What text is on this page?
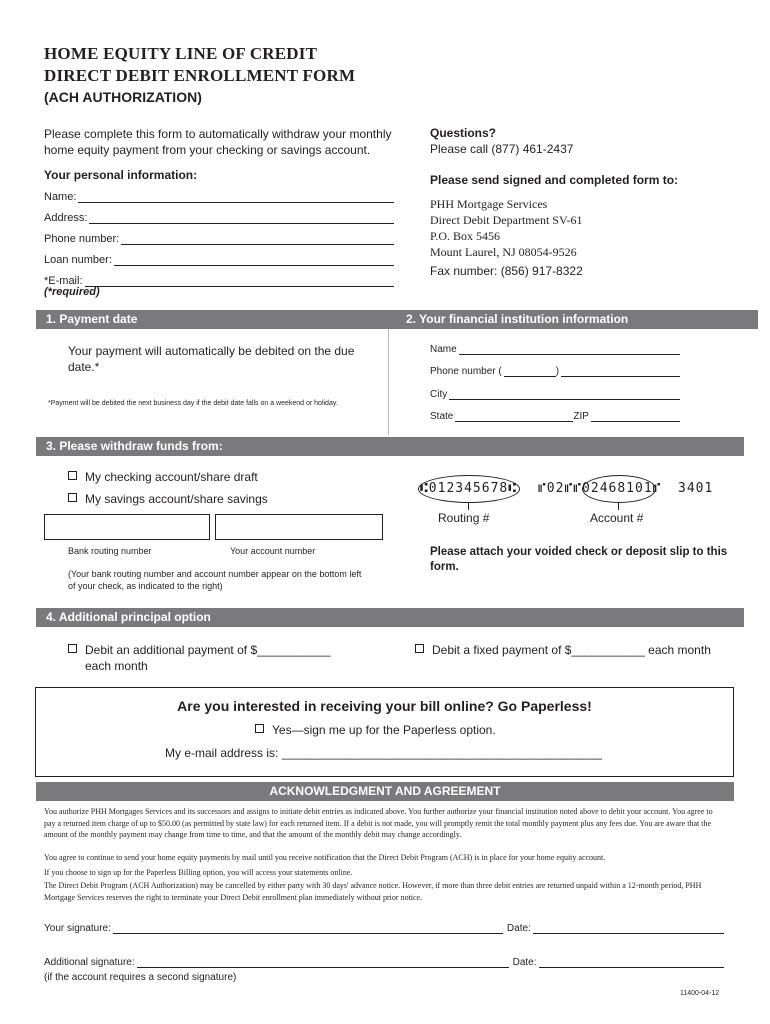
HOME EQUITY LINE OF CREDIT
DIRECT DEBIT ENROLLMENT FORM
(ACH AUTHORIZATION)
Please complete this form to automatically withdraw your monthly home equity payment from your checking or savings account.
Questions?
Please call (877) 461-2437
Please send signed and completed form to:
PHH Mortgage Services
Direct Debit Department SV-61
P.O. Box 5456
Mount Laurel, NJ 08054-9526
Fax number: (856) 917-8322
Your personal information:
Name:
Address:
Phone number:
Loan number:
*E-mail:
(*required)
1. Payment date	2. Your financial institution information
Your payment will automatically be debited on the due date.*
*Payment will be debited the next business day if the debit date falls on a weekend or holiday.
Name
Phone number (	)
City
State	ZIP
3. Please withdraw funds from:
My checking account/share draft
My savings account/share savings
Bank routing number	Your account number
(Your bank routing number and account number appear on the bottom left of your check, as indicated to the right)
⑆012345678⑆ ⑈02⑈⑈02468101⑈ 3401
Routing #	Account #
Please attach your voided check or deposit slip to this form.
4. Additional principal option
Debit an additional payment of $___________
each month
Debit a fixed payment of $___________ each month
Are you interested in receiving your bill online? Go Paperless!
Yes—sign me up for the Paperless option.
My e-mail address is: ________________________________________________
ACKNOWLEDGMENT AND AGREEMENT
You authorize PHH Mortgages Services and its successors and assigns to initiate debit entries as indicated above. You further authorize your financial institution noted above to debit your account. You agree to pay a returned item charge of up to $50.00 (as permitted by state law) for each returned item. If a debit is not made, you will promptly remit the total monthly payment plus any fees due. You are aware that the amount of the monthly payment may change from time to time, and that the amount of the monthly debit may change accordingly.
You agree to continue to send your home equity payments by mail until you receive notification that the Direct Debit Program (ACH) is in place for your home equity account.
If you choose to sign up for the Paperless Billing option, you will access your statements online.
The Direct Debit Program (ACH Authorization) may be cancelled by either party with 30 days' advance notice. However, if more than three debit entries are returned unpaid within a 12-month period, PHH Mortgage Services reserves the right to terminate your Direct Debit enrollment plan immediately without prior notice.
Your signature:	Date:
Additional signature:	Date:
(if the account requires a second signature)
11400-04-12
